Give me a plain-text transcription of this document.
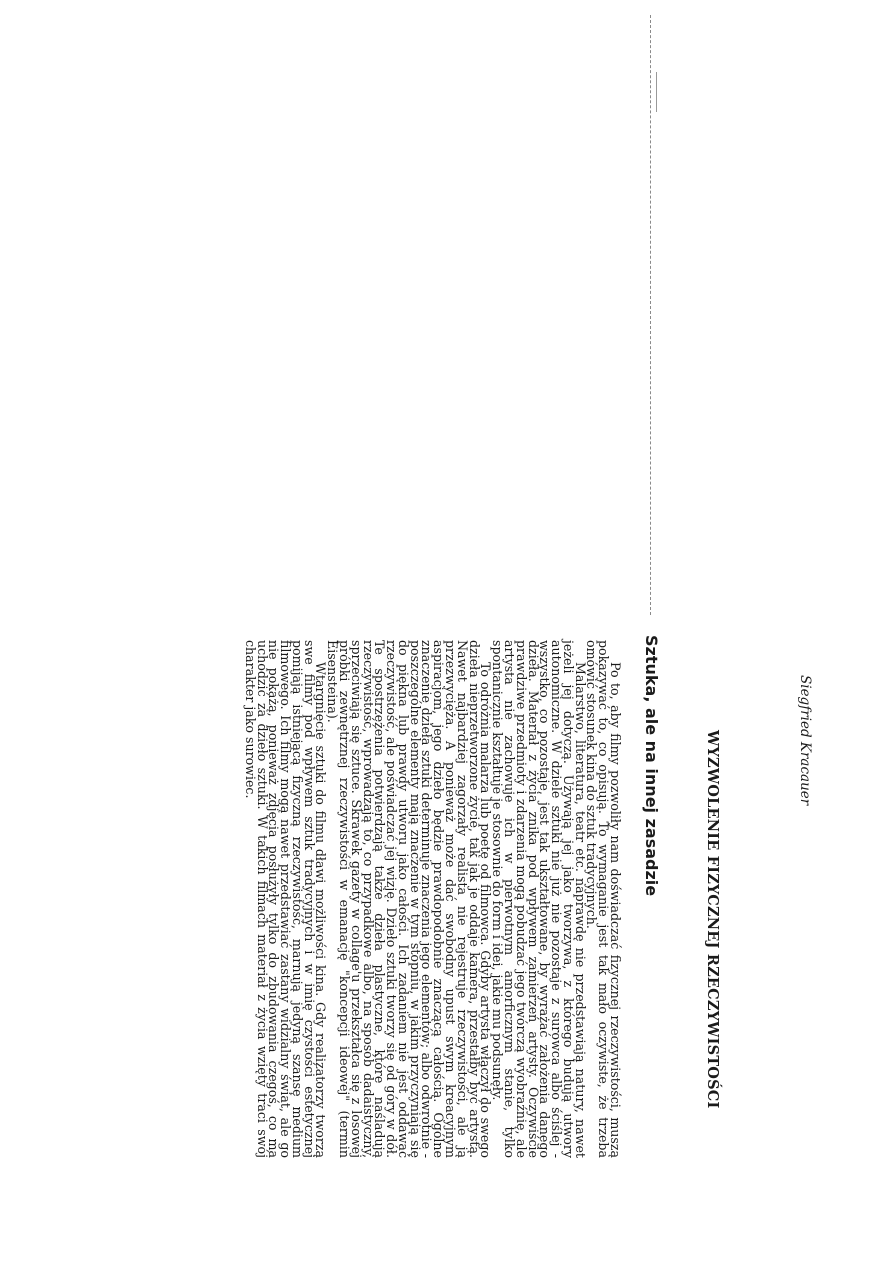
Siegfried Kracauer
WYZWOLENIE FIZYCZNEJ RZECZYWISTOŚCI
Sztuka, ale na innej zasadzie

Po to, aby filmy pozwoliły nam doświadczać fizycznej rzeczywistości, muszą pokazywać to, co opisują. To wymaganie jest tak mało oczywiste, że trzeba omówić stosunek kina do sztuk tradycyjnych.

Malarstwo, literatura, teatr etc. naprawdę nie przedstawiają natury, nawet jeżeli jej dotyczą. Używają jej jako tworzywa, z którego budują utwory autonomiczne. W dziele sztuki nie już nie pozostaje z surowca albo ściślej - wszystko, co pozostaje, jest tak ukształtowane, by wyrażać założenia danego dzieła. Materiał z życia znika pod wpływem zamierzeń artysty. Oczywiście prawdziwe przedmioty i zdarzenia mogą pobudzać jego twórczą wyobraźnię, ale artysta nie zachowuje ich w pierwotnym amorficznym stanie, tylko spontanicznie kształtuje je stosownie do form i idei, jakie mu podsunęły.

To odróżnia malarza lub poetę od filmowca. Gdyby artysta włączył do swego dzieła nieprzetworzone życie, tak jak je oddaje kamera, przestałby być artystą. Nawet najbardziej zagorzały realista nie rejestruje rzeczywistości, ale ją przezwycięża. A ponieważ może dać swobodny upust swym kreacyjnym aspiracjom, jego dzieło będzie prawdopodobnie znaczącą całością. Ogólne znaczenie dzieła sztuki determinuje znaczenia jego elementów; albo odwrotnie - poszczególne elementy mają znaczenie w tym stopniu, w jakim przyczyniają się do piękna lub prawdy utworu jako całości. Ich zadaniem nie jest oddawać rzeczywistość, ale poświadczać jej wizję. Dzieło sztuki tworzy się od góry w dół. Te spostrzeżenia potwierdzają także dzieła plastyczne, które naśladują rzeczywistość, wprowadzają to, co przypadkowe albo, na sposób dadaistyczny, sprzeciwiają się sztuce. Skrawek gazety w collage'u przekształca się z losowej próbki zewnętrznej rzeczywistości w emanację "koncepcji ideowej" (termin Eisensteina).

Wtargnięcie sztuki do filmu dławi możliwości kina. Gdy realizatorzy tworzą swe filmy pod wpływem sztuk tradycyjnych i w imię czystości estetycznej pomijają istniejącą fizyczną rzeczywistość, marnują jedyną szansę medium filmowego. Ich filmy mogą nawet przedstawiać zastany widzialny świat, ale go nie pokażą, ponieważ zdjęcia posłużyły tylko do zbudowania czegoś, co ma uchodzić za dzieło sztuki. W takich filmach materiał z życia wzięty traci swój charakter jako surowiec.
